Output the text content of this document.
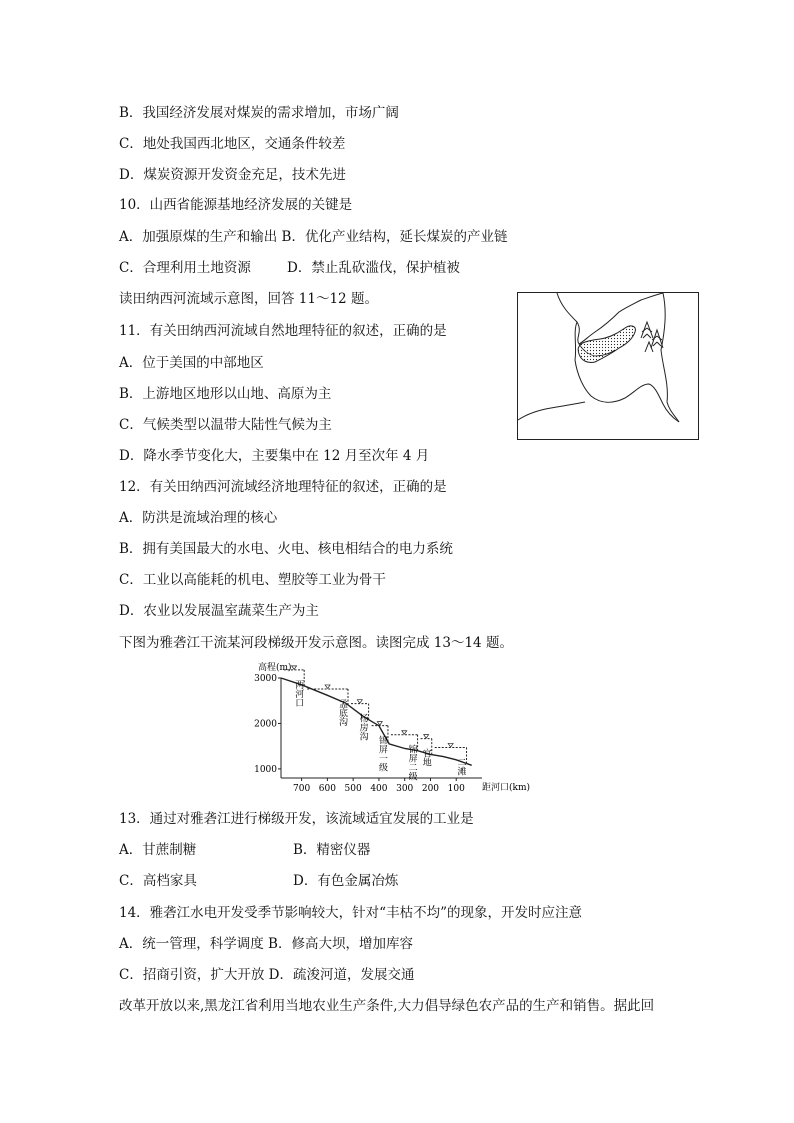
B．我国经济发展对煤炭的需求增加，市场广阔
C．地处我国西北地区，交通条件较差
D．煤炭资源开发资金充足，技术先进
10．山西省能源基地经济发展的关键是
A．加强原煤的生产和输出 B．优化产业结构，延长煤炭的产业链
C．合理利用土地资源	D．禁止乱砍滥伐，保护植被
读田纳西河流域示意图，回答 11～12 题。
11．有关田纳西河流域自然地理特征的叙述，正确的是
A．位于美国的中部地区
B．上游地区地形以山地、高原为主
C．气候类型以温带大陆性气候为主
D．降水季节变化大，主要集中在 12 月至次年 4 月
12．有关田纳西河流域经济地理特征的叙述，正确的是
A．防洪是流域治理的核心
B．拥有美国最大的水电、火电、核电相结合的电力系统
C．工业以高能耗的机电、塑胶等工业为骨干
D．农业以发展温室蔬菜生产为主
下图为雅砻江干流某河段梯级开发示意图。读图完成 13～14 题。
高程(m)
距河口(km)
3000
2000
1000
700 600 500 400 300 200 100
两河口
孟底沟
杨房沟
锦屏一级 锦屏二级 官地	二滩
13．通过对雅砻江进行梯级开发，该流域适宜发展的工业是
A．甘蔗制糖	B．精密仪器
C．高档家具	D．有色金属冶炼
14．雅砻江水电开发受季节影响较大，针对“丰枯不均”的现象，开发时应注意
A．统一管理，科学调度 B．修高大坝，增加库容
C．招商引资，扩大开放 D．疏浚河道，发展交通
改革开放以来,黑龙江省利用当地农业生产条件,大力倡导绿色农产品的生产和销售。据此回
